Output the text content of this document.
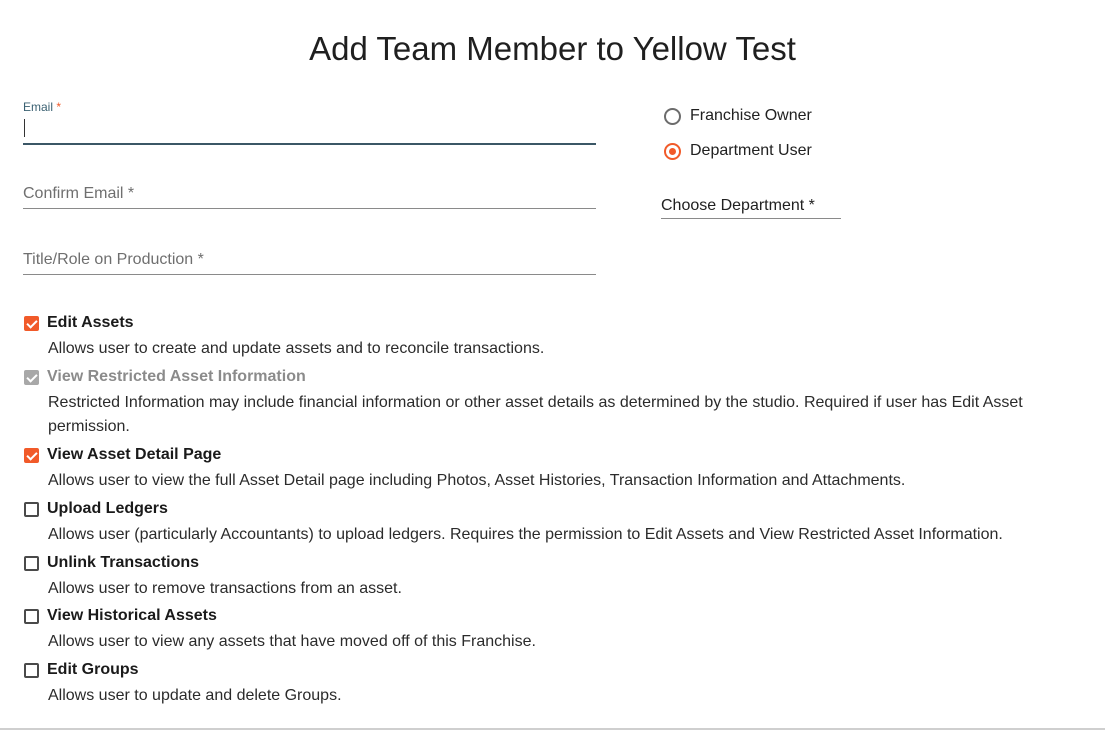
Add Team Member to Yellow Test
Email *
Confirm Email *
Title/Role on Production *
Franchise Owner
Department User
Choose Department *
Edit Assets
Allows user to create and update assets and to reconcile transactions.
View Restricted Asset Information
Restricted Information may include financial information or other asset details as determined by the studio. Required if user has Edit Asset permission.
View Asset Detail Page
Allows user to view the full Asset Detail page including Photos, Asset Histories, Transaction Information and Attachments.
Upload Ledgers
Allows user (particularly Accountants) to upload ledgers. Requires the permission to Edit Assets and View Restricted Asset Information.
Unlink Transactions
Allows user to remove transactions from an asset.
View Historical Assets
Allows user to view any assets that have moved off of this Franchise.
Edit Groups
Allows user to update and delete Groups.
